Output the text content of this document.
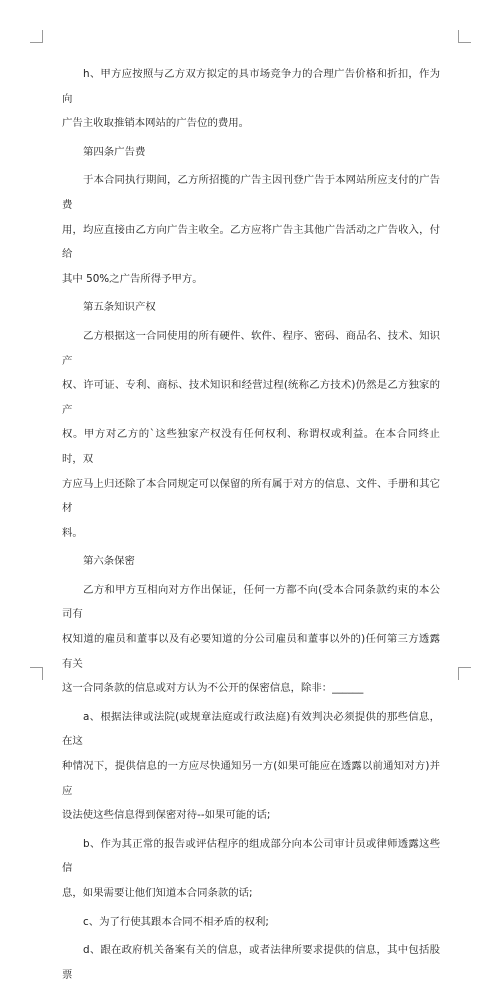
h、甲方应按照与乙方双方拟定的具市场竞争力的合理广告价格和折扣，作为向
广告主收取推销本网站的广告位的费用。

第四条广告费

于本合同执行期间，乙方所招揽的广告主因刊登广告于本网站所应支付的广告费
用，均应直接由乙方向广告主收全。乙方应将广告主其他广告活动之广告收入，付给
其中 50%之广告所得予甲方。

第五条知识产权

乙方根据这一合同使用的所有硬件、软件、程序、密码、商品名、技术、知识产
权、许可证、专利、商标、技术知识和经营过程(统称乙方技术)仍然是乙方独家的产
权。甲方对乙方的`这些独家产权没有任何权利、称谓权或利益。在本合同终止时，双
方应马上归还除了本合同规定可以保留的所有属于对方的信息、文件、手册和其它材
料。

第六条保密

乙方和甲方互相向对方作出保证，任何一方都不向(受本合同条款约束的本公司有
权知道的雇员和董事以及有必要知道的分公司雇员和董事以外的)任何第三方透露有关
这一合同条款的信息或对方认为不公开的保密信息，除非：______

a、根据法律或法院(或规章法庭或行政法庭)有效判决必须提供的那些信息，在这
种情况下，提供信息的一方应尽快通知另一方(如果可能应在透露以前通知对方)并应
设法使这些信息得到保密对待--如果可能的话;

b、作为其正常的报告或评估程序的组成部分向本公司审计员或律师透露这些信
息，如果需要让他们知道本合同条款的话;

c、为了行使其跟本合同不相矛盾的权利;

d、跟在政府机关备案有关的信息，或者法律所要求提供的信息，其中包括股票
